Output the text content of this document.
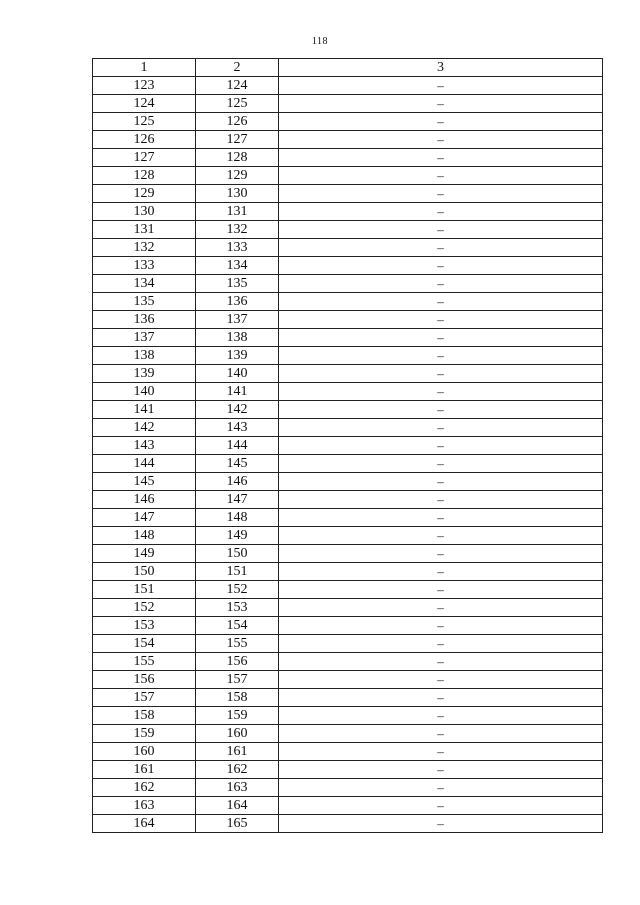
118
1	2	3
123	124	–
124	125	–
125	126	–
126	127	–
127	128	–
128	129	–
129	130	–
130	131	–
131	132	–
132	133	–
133	134	–
134	135	–
135	136	–
136	137	–
137	138	–
138	139	–
139	140	–
140	141	–
141	142	–
142	143	–
143	144	–
144	145	–
145	146	–
146	147	–
147	148	–
148	149	–
149	150	–
150	151	–
151	152	–
152	153	–
153	154	–
154	155	–
155	156	–
156	157	–
157	158	–
158	159	–
159	160	–
160	161	–
161	162	–
162	163	–
163	164	–
164	165	–
